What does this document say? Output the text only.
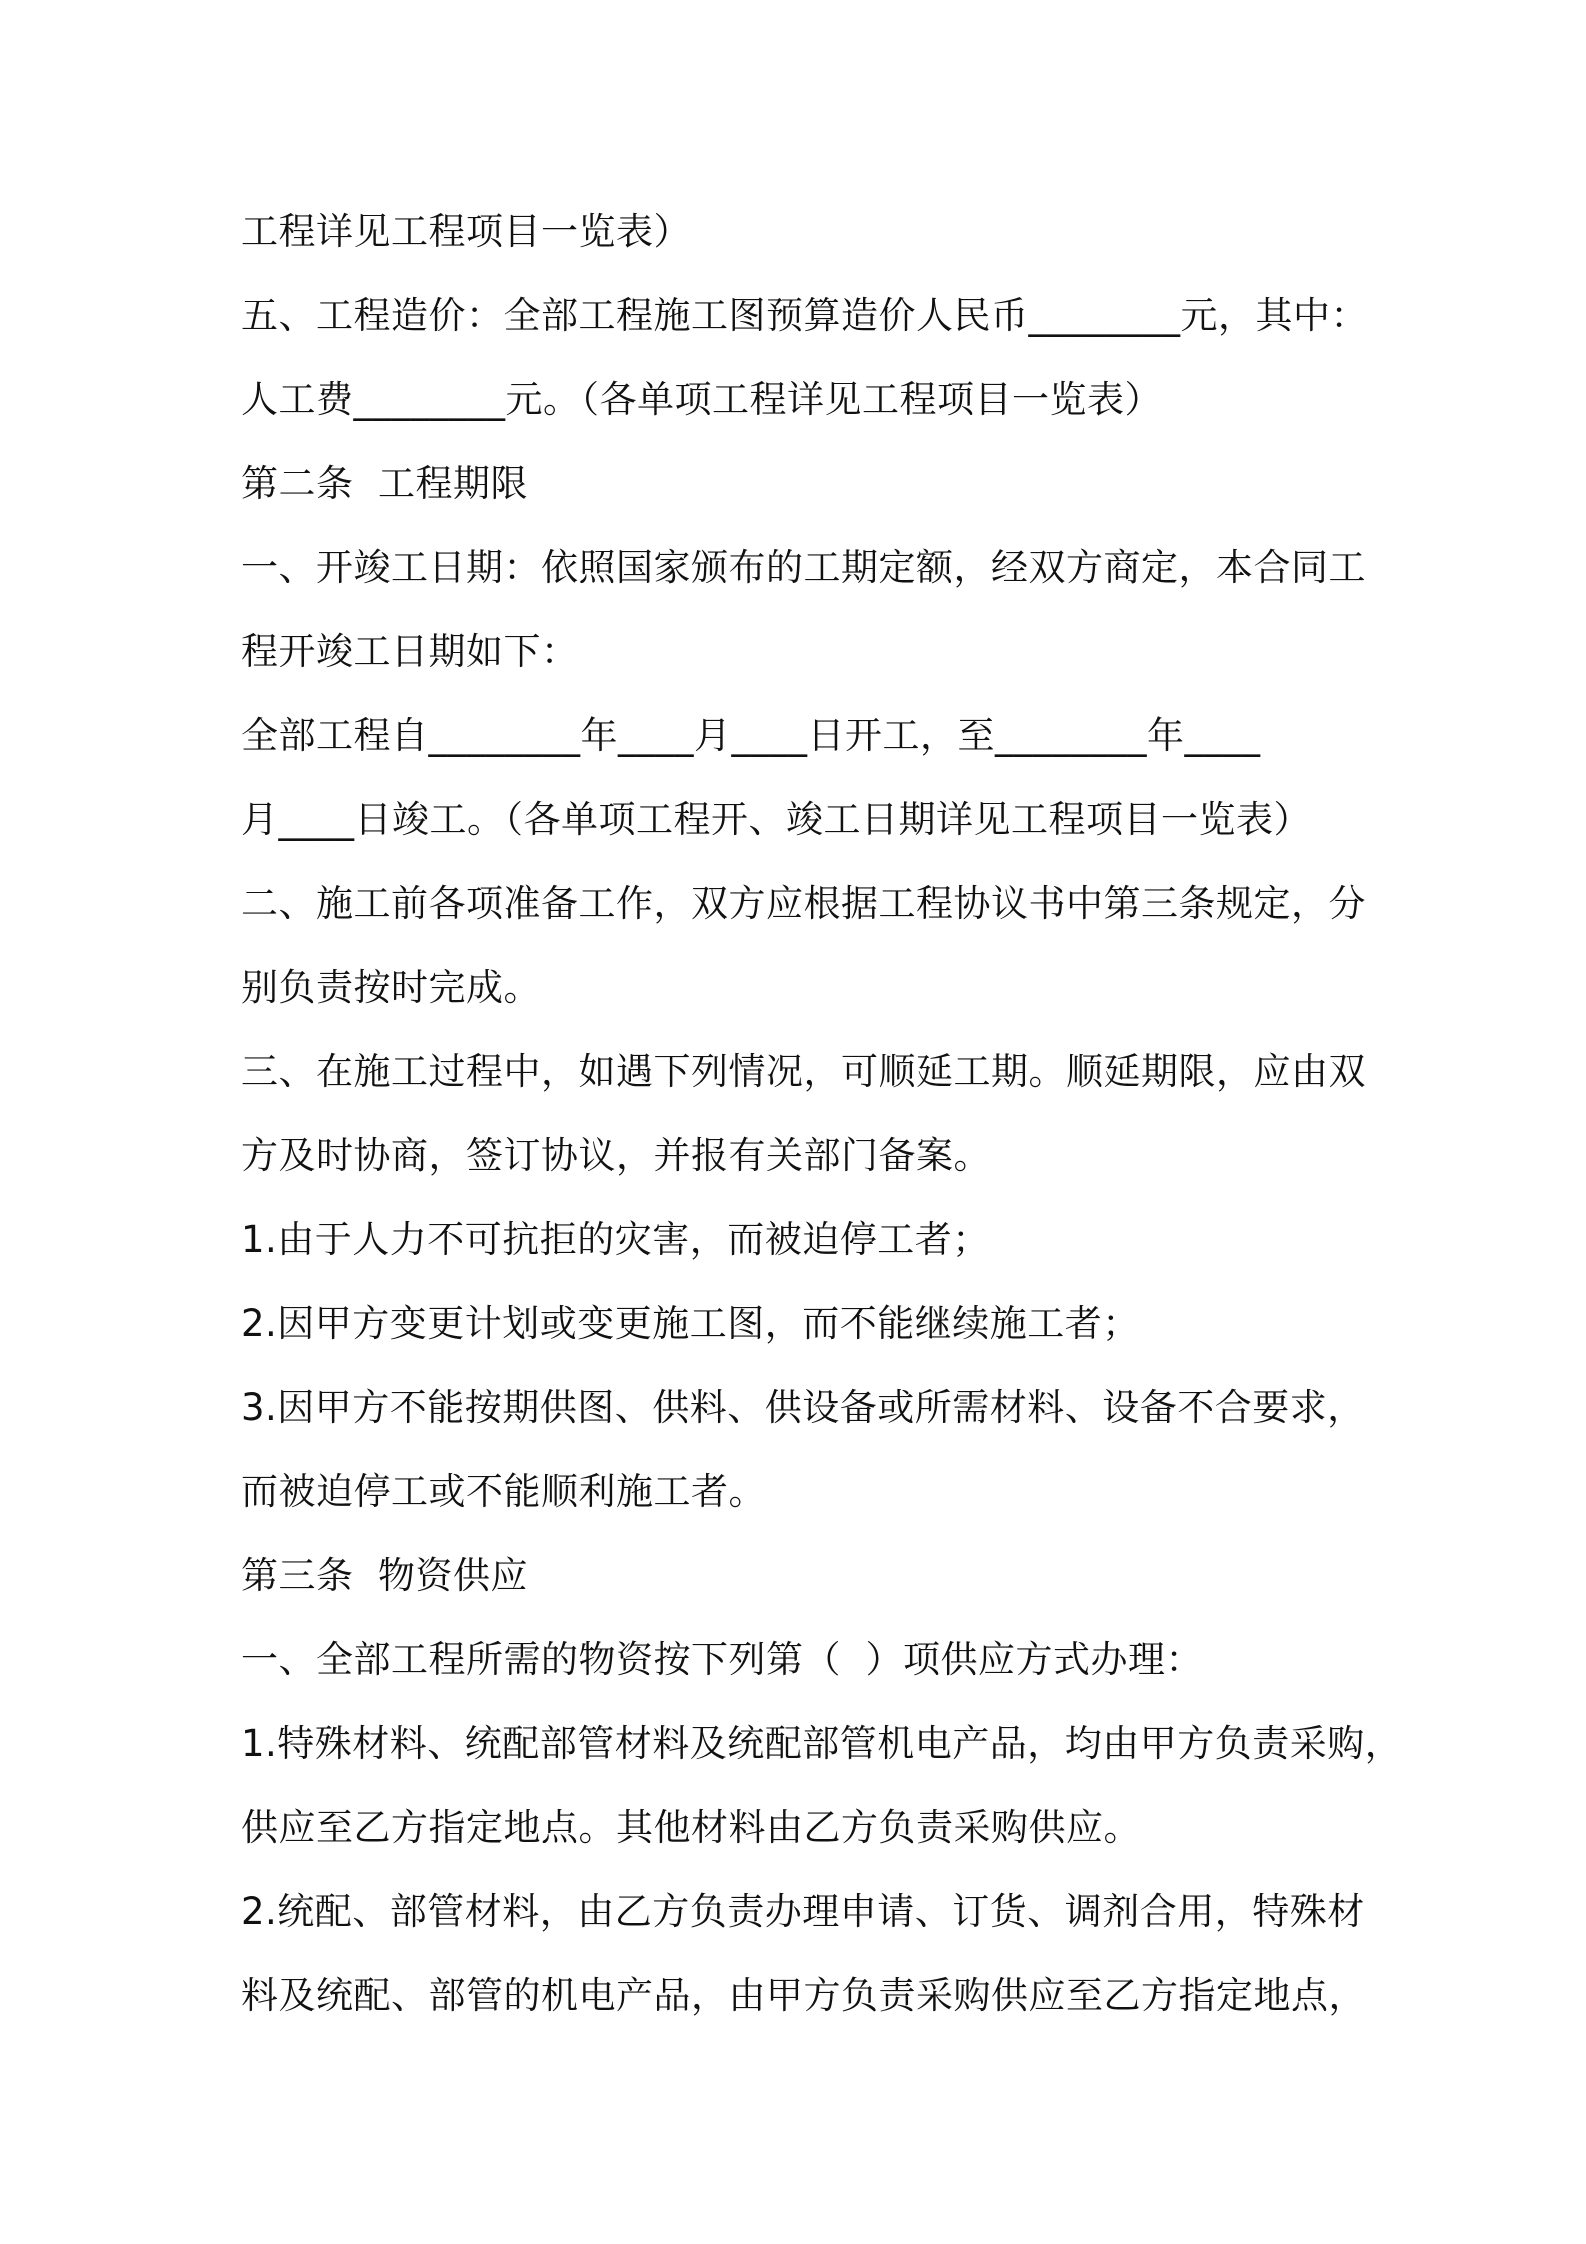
工程详见工程项目一览表）
五、工程造价：全部工程施工图预算造价人民币________元，其中：
人工费________元。（各单项工程详见工程项目一览表）
第二条  工程期限
一、开竣工日期：依照国家颁布的工期定额，经双方商定，本合同工
程开竣工日期如下：
全部工程自________年____月____日开工，至________年____
月____日竣工。（各单项工程开、竣工日期详见工程项目一览表）
二、施工前各项准备工作，双方应根据工程协议书中第三条规定，分
别负责按时完成。
三、在施工过程中，如遇下列情况，可顺延工期。顺延期限，应由双
方及时协商，签订协议，并报有关部门备案。
1.由于人力不可抗拒的灾害，而被迫停工者；
2.因甲方变更计划或变更施工图，而不能继续施工者；
3.因甲方不能按期供图、供料、供设备或所需材料、设备不合要求，
而被迫停工或不能顺利施工者。
第三条  物资供应
一、全部工程所需的物资按下列第（  ）项供应方式办理：
1.特殊材料、统配部管材料及统配部管机电产品，均由甲方负责采购，
供应至乙方指定地点。其他材料由乙方负责采购供应。
2.统配、部管材料，由乙方负责办理申请、订货、调剂合用，特殊材
料及统配、部管的机电产品，由甲方负责采购供应至乙方指定地点，
